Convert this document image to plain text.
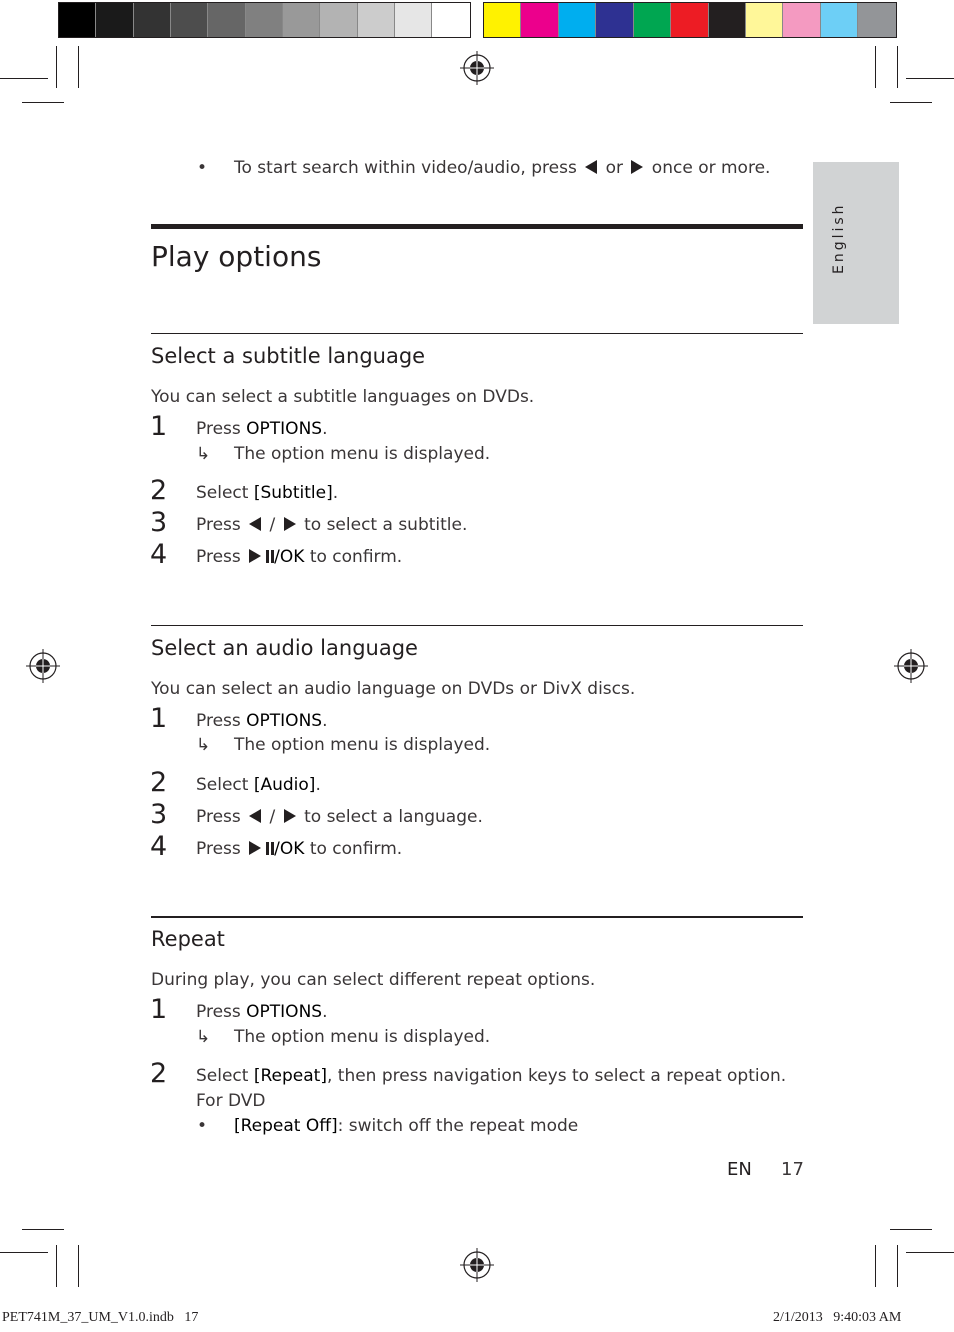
English
• To start search within video/audio, press  or  once or more.
Play options
Select a subtitle language
You can select a subtitle languages on DVDs.
1 Press OPTIONS.
↳ The option menu is displayed.
2 Select [Subtitle].
3 Press  /  to select a subtitle.
4 Press /OK to confirm.
Select an audio language
You can select an audio language on DVDs or DivX discs.
1 Press OPTIONS.
↳ The option menu is displayed.
2 Select [Audio].
3 Press  /  to select a language.
4 Press /OK to confirm.
Repeat
During play, you can select different repeat options.
1 Press OPTIONS.
↳ The option menu is displayed.
2 Select [Repeat], then press navigation keys to select a repeat option.
For DVD
• [Repeat Off]: switch off the repeat mode
EN 17
PET741M_37_UM_V1.0.indb   17	2/1/2013   9:40:03 AM
